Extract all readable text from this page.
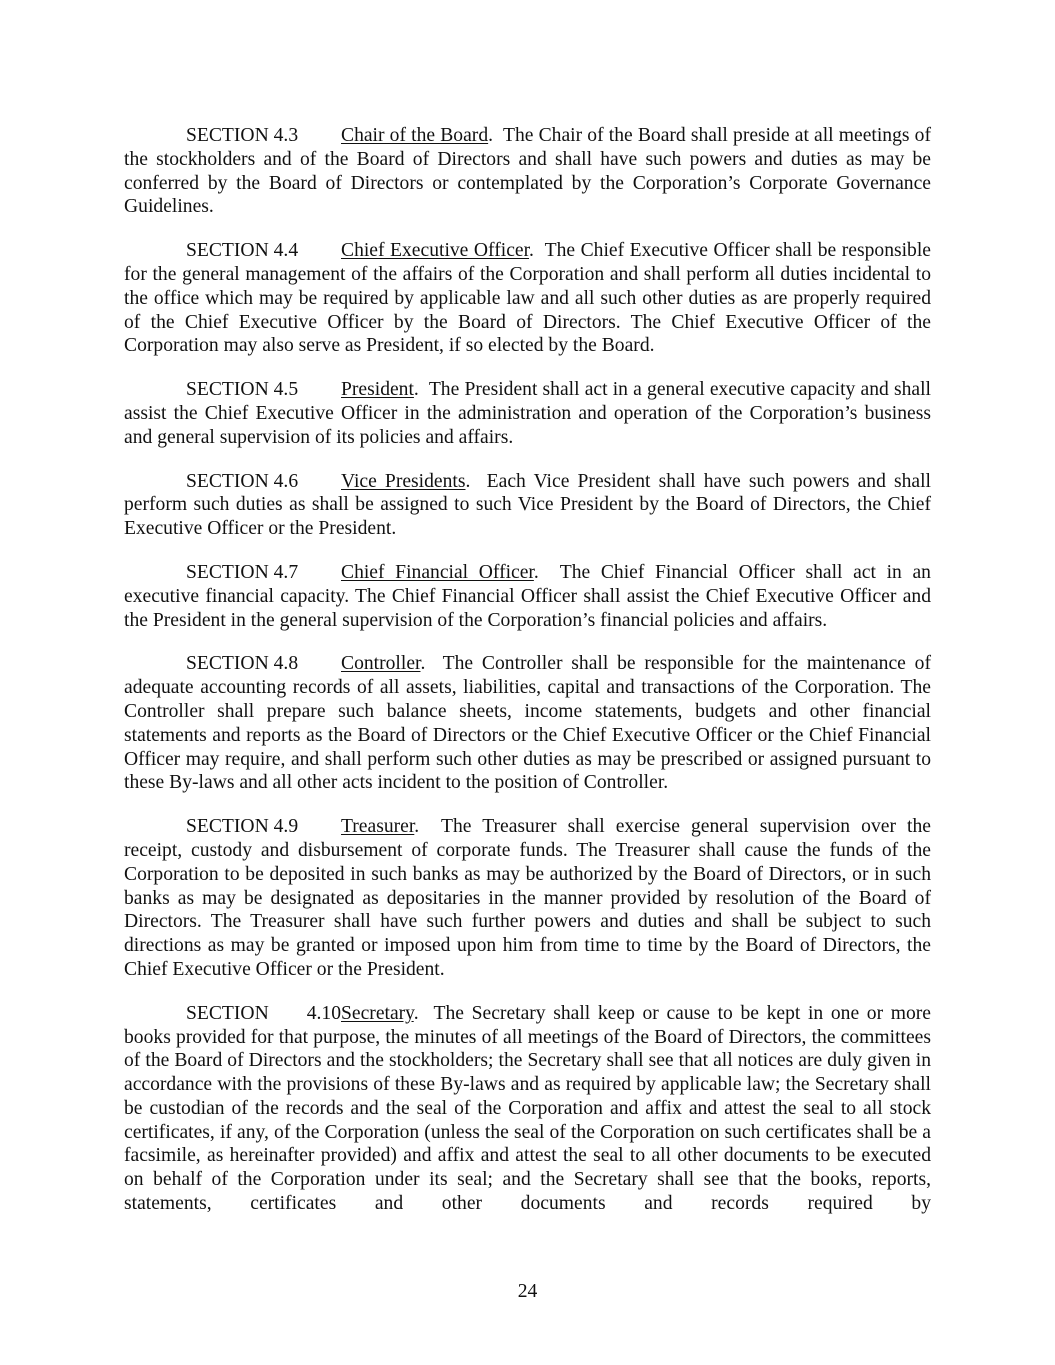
SECTION 4.3 Chair of the Board. The Chair of the Board shall preside at all meetings of the stockholders and of the Board of Directors and shall have such powers and duties as may be conferred by the Board of Directors or contemplated by the Corporation’s Corporate Governance Guidelines.

SECTION 4.4 Chief Executive Officer. The Chief Executive Officer shall be responsible for the general management of the affairs of the Corporation and shall perform all duties incidental to the office which may be required by applicable law and all such other duties as are properly required of the Chief Executive Officer by the Board of Directors. The Chief Executive Officer of the Corporation may also serve as President, if so elected by the Board.

SECTION 4.5 President. The President shall act in a general executive capacity and shall assist the Chief Executive Officer in the administration and operation of the Corporation’s business and general supervision of its policies and affairs.

SECTION 4.6 Vice Presidents. Each Vice President shall have such powers and shall perform such duties as shall be assigned to such Vice President by the Board of Directors, the Chief Executive Officer or the President.

SECTION 4.7 Chief Financial Officer. The Chief Financial Officer shall act in an executive financial capacity. The Chief Financial Officer shall assist the Chief Executive Officer and the President in the general supervision of the Corporation’s financial policies and affairs.

SECTION 4.8 Controller. The Controller shall be responsible for the maintenance of adequate accounting records of all assets, liabilities, capital and transactions of the Corporation. The Controller shall prepare such balance sheets, income statements, budgets and other financial statements and reports as the Board of Directors or the Chief Executive Officer or the Chief Financial Officer may require, and shall perform such other duties as may be prescribed or assigned pursuant to these By-laws and all other acts incident to the position of Controller.

SECTION 4.9 Treasurer. The Treasurer shall exercise general supervision over the receipt, custody and disbursement of corporate funds. The Treasurer shall cause the funds of the Corporation to be deposited in such banks as may be authorized by the Board of Directors, or in such banks as may be designated as depositaries in the manner provided by resolution of the Board of Directors. The Treasurer shall have such further powers and duties and shall be subject to such directions as may be granted or imposed upon him from time to time by the Board of Directors, the Chief Executive Officer or the President.

SECTION 4.10Secretary. The Secretary shall keep or cause to be kept in one or more books provided for that purpose, the minutes of all meetings of the Board of Directors, the committees of the Board of Directors and the stockholders; the Secretary shall see that all notices are duly given in accordance with the provisions of these By-laws and as required by applicable law; the Secretary shall be custodian of the records and the seal of the Corporation and affix and attest the seal to all stock certificates, if any, of the Corporation (unless the seal of the Corporation on such certificates shall be a facsimile, as hereinafter provided) and affix and attest the seal to all other documents to be executed on behalf of the Corporation under its seal; and the Secretary shall see that the books, reports, statements, certificates and other documents and records required by

24
